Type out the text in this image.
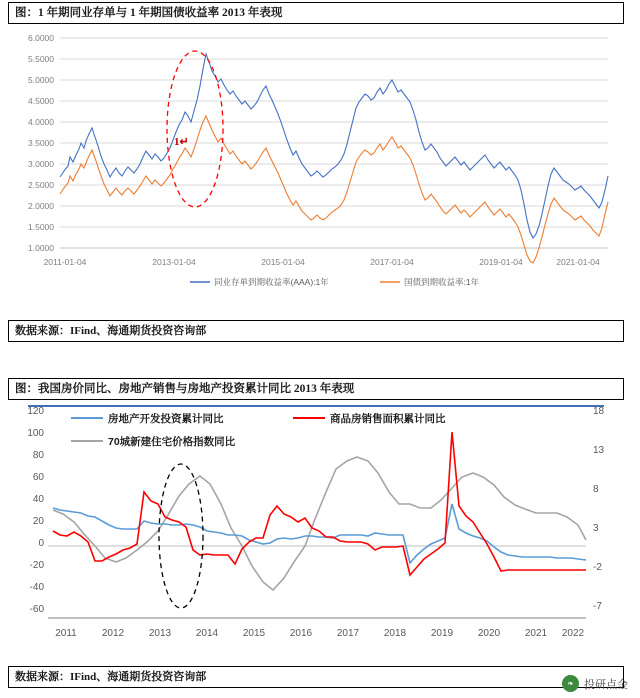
图：1 年期同业存单与 1 年期国债收益率 2013 年表现
6.0000
5.5000
5.0000
4.5000
4.0000
3.5000
3.0000
2.5000
2.0000
1.5000
1.0000
2011-01-04	2013-01-04	2015-01-04	2017-01-04	2019-01-04	2021-01-04
1↵
同业存单到期收益率(AAA):1年	国债到期收益率:1年
数据来源：IFind、海通期货投资咨询部
图：我国房价同比、房地产销售与房地产投资累计同比 2013 年表现
120
100
80
60
40
20
0
-20
-40
-60
18
13
8
3
-2
-7
2011	2012 2013 2014 2015 2016 2017 2018 2019 2020 2021 2022
房地产开发投资累计同比	商品房销售面积累计同比
70城新建住宅价格指数同比
数据来源：IFind、海通期货投资咨询部
❧ 投研点金
